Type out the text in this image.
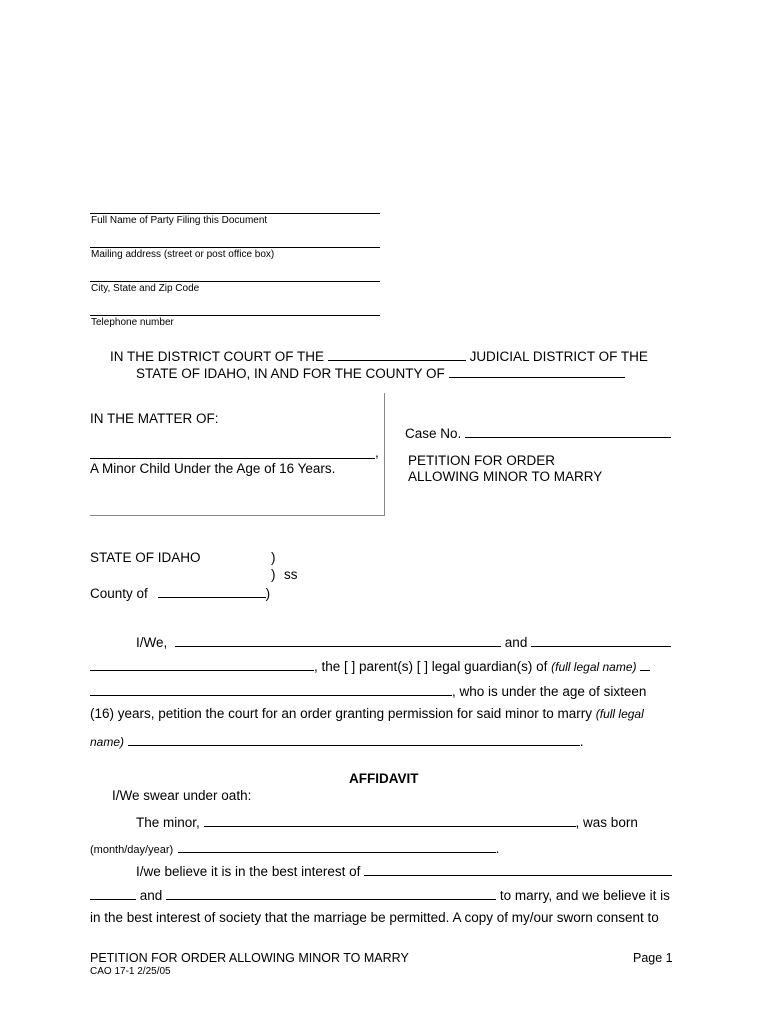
Full Name of Party Filing this Document
Mailing address (street or post office box)
City, State and Zip Code
Telephone number
IN THE DISTRICT COURT OF THE	JUDICIAL DISTRICT OF THE
STATE OF IDAHO, IN AND FOR THE COUNTY OF
IN THE MATTER OF:
,
A Minor Child Under the Age of 16 Years.
Case No.
PETITION FOR ORDER
ALLOWING MINOR TO MARRY
STATE OF IDAHO	)
) ss
County of	)
I/We,	and
, the [ ] parent(s) [ ] legal guardian(s) of (full legal name)
, who is under the age of sixteen
(16) years, petition the court for an order granting permission for said minor to marry (full legal
name)	.
AFFIDAVIT
I/We swear under oath:
The minor,	, was born
(month/day/year)	.
I/we believe it is in the best interest of
and	to marry, and we believe it is
in the best interest of society that the marriage be permitted. A copy of my/our sworn consent to
PETITION FOR ORDER ALLOWING MINOR TO MARRY
CAO 17-1 2/25/05
Page 1
